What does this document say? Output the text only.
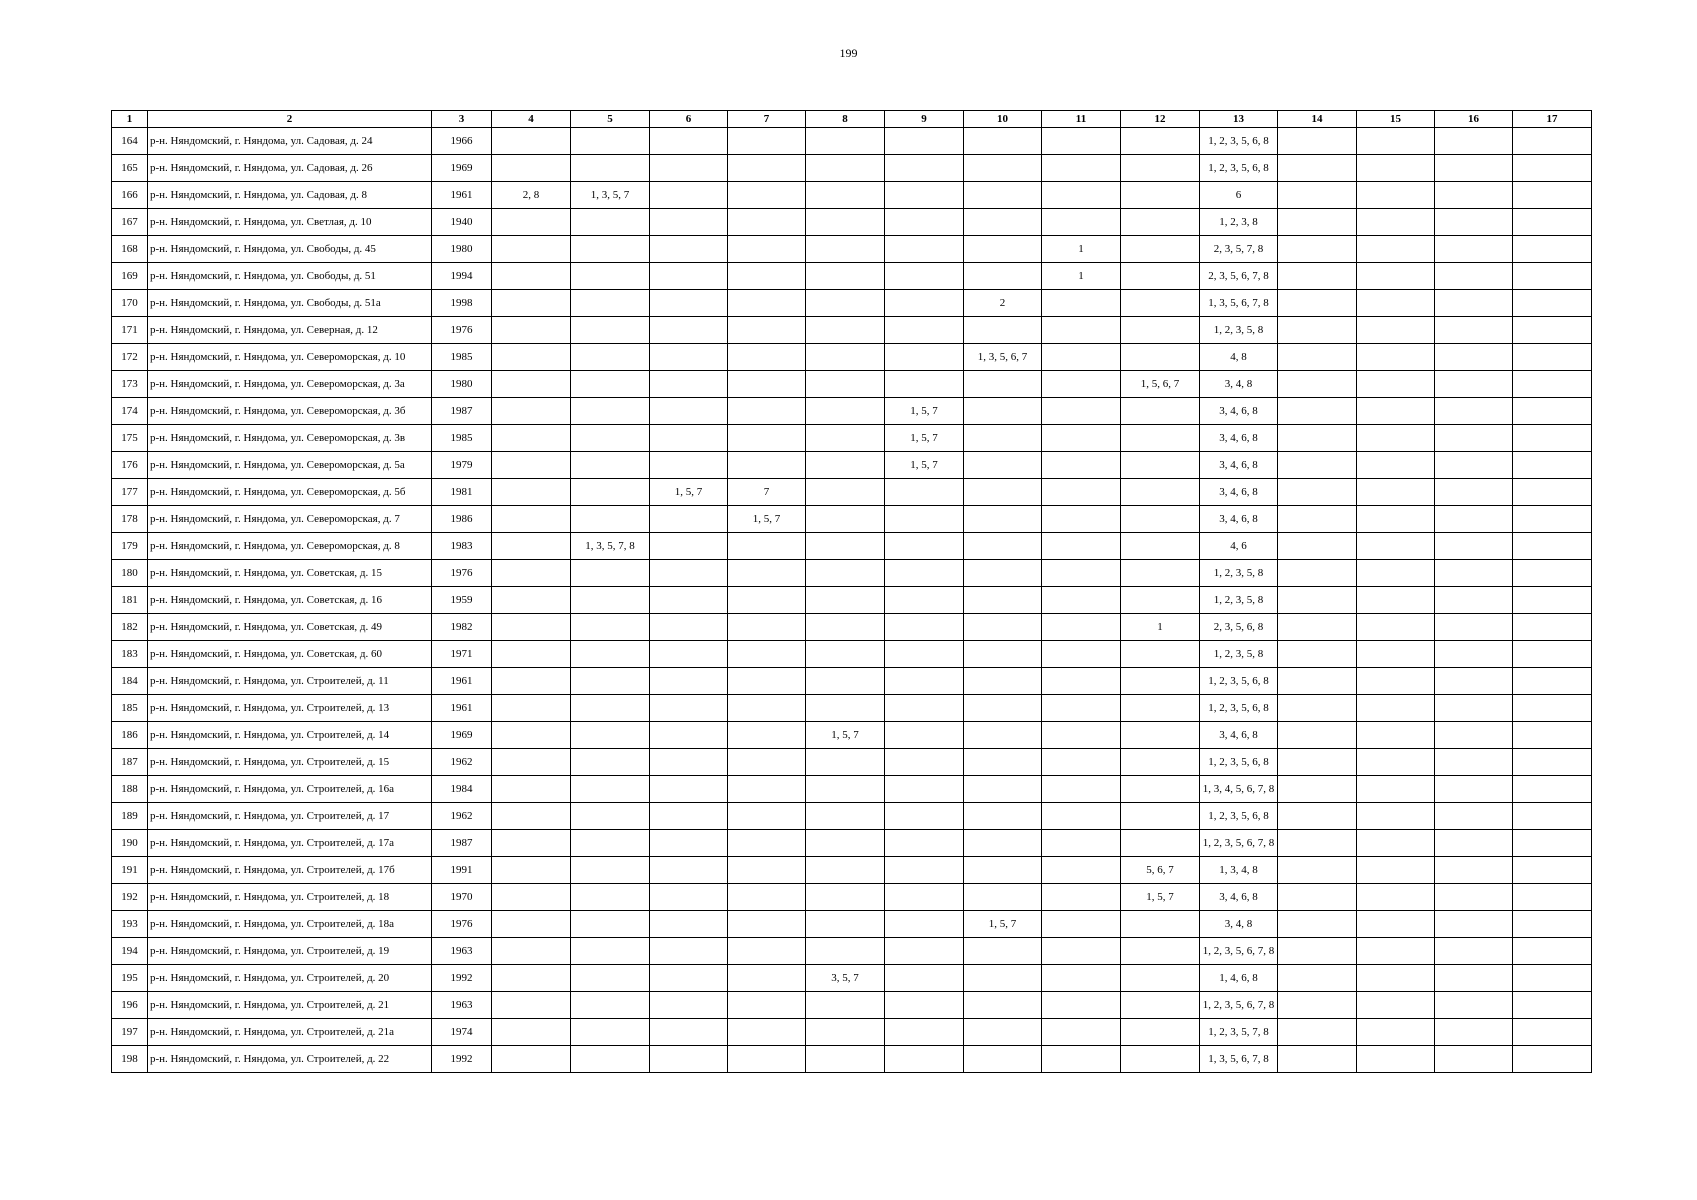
199
1	2	3	4	5	6	7	8	9	10	11	12	13	14	15	16	17
164	р-н. Няндомский, г. Няндома, ул. Садовая, д. 24	1966										1, 2, 3, 5, 6, 8				
165	р-н. Няндомский, г. Няндома, ул. Садовая, д. 26	1969										1, 2, 3, 5, 6, 8				
166	р-н. Няндомский, г. Няндома, ул. Садовая, д. 8	1961	2, 8	1, 3, 5, 7								6				
167	р-н. Няндомский, г. Няндома, ул. Светлая, д. 10	1940										1, 2, 3, 8				
168	р-н. Няндомский, г. Няндома, ул. Свободы, д. 45	1980								1		2, 3, 5, 7, 8				
169	р-н. Няндомский, г. Няндома, ул. Свободы, д. 51	1994								1		2, 3, 5, 6, 7, 8				
170	р-н. Няндомский, г. Няндома, ул. Свободы, д. 51а	1998							2			1, 3, 5, 6, 7, 8				
171	р-н. Няндомский, г. Няндома, ул. Северная, д. 12	1976										1, 2, 3, 5, 8				
172	р-н. Няндомский, г. Няндома, ул. Североморская, д. 10	1985							1, 3, 5, 6, 7			4, 8				
173	р-н. Няндомский, г. Няндома, ул. Североморская, д. 3а	1980									1, 5, 6, 7	3, 4, 8				
174	р-н. Няндомский, г. Няндома, ул. Североморская, д. 3б	1987						1, 5, 7				3, 4, 6, 8				
175	р-н. Няндомский, г. Няндома, ул. Североморская, д. 3в	1985						1, 5, 7				3, 4, 6, 8				
176	р-н. Няндомский, г. Няндома, ул. Североморская, д. 5а	1979						1, 5, 7				3, 4, 6, 8				
177	р-н. Няндомский, г. Няндома, ул. Североморская, д. 5б	1981			1, 5, 7	7						3, 4, 6, 8				
178	р-н. Няндомский, г. Няндома, ул. Североморская, д. 7	1986				1, 5, 7						3, 4, 6, 8				
179	р-н. Няндомский, г. Няндома, ул. Североморская, д. 8	1983		1, 3, 5, 7, 8								4, 6				
180	р-н. Няндомский, г. Няндома, ул. Советская, д. 15	1976										1, 2, 3, 5, 8				
181	р-н. Няндомский, г. Няндома, ул. Советская, д. 16	1959										1, 2, 3, 5, 8				
182	р-н. Няндомский, г. Няндома, ул. Советская, д. 49	1982									1	2, 3, 5, 6, 8				
183	р-н. Няндомский, г. Няндома, ул. Советская, д. 60	1971										1, 2, 3, 5, 8				
184	р-н. Няндомский, г. Няндома, ул. Строителей, д. 11	1961										1, 2, 3, 5, 6, 8				
185	р-н. Няндомский, г. Няндома, ул. Строителей, д. 13	1961										1, 2, 3, 5, 6, 8				
186	р-н. Няндомский, г. Няндома, ул. Строителей, д. 14	1969					1, 5, 7					3, 4, 6, 8				
187	р-н. Няндомский, г. Няндома, ул. Строителей, д. 15	1962										1, 2, 3, 5, 6, 8				
188	р-н. Няндомский, г. Няндома, ул. Строителей, д. 16а	1984										1, 3, 4, 5, 6, 7, 8				
189	р-н. Няндомский, г. Няндома, ул. Строителей, д. 17	1962										1, 2, 3, 5, 6, 8				
190	р-н. Няндомский, г. Няндома, ул. Строителей, д. 17а	1987										1, 2, 3, 5, 6, 7, 8				
191	р-н. Няндомский, г. Няндома, ул. Строителей, д. 17б	1991									5, 6, 7	1, 3, 4, 8				
192	р-н. Няндомский, г. Няндома, ул. Строителей, д. 18	1970									1, 5, 7	3, 4, 6, 8				
193	р-н. Няндомский, г. Няндома, ул. Строителей, д. 18а	1976							1, 5, 7			3, 4, 8				
194	р-н. Няндомский, г. Няндома, ул. Строителей, д. 19	1963										1, 2, 3, 5, 6, 7, 8				
195	р-н. Няндомский, г. Няндома, ул. Строителей, д. 20	1992					3, 5, 7					1, 4, 6, 8				
196	р-н. Няндомский, г. Няндома, ул. Строителей, д. 21	1963										1, 2, 3, 5, 6, 7, 8				
197	р-н. Няндомский, г. Няндома, ул. Строителей, д. 21а	1974										1, 2, 3, 5, 7, 8				
198	р-н. Няндомский, г. Няндома, ул. Строителей, д. 22	1992										1, 3, 5, 6, 7, 8				
